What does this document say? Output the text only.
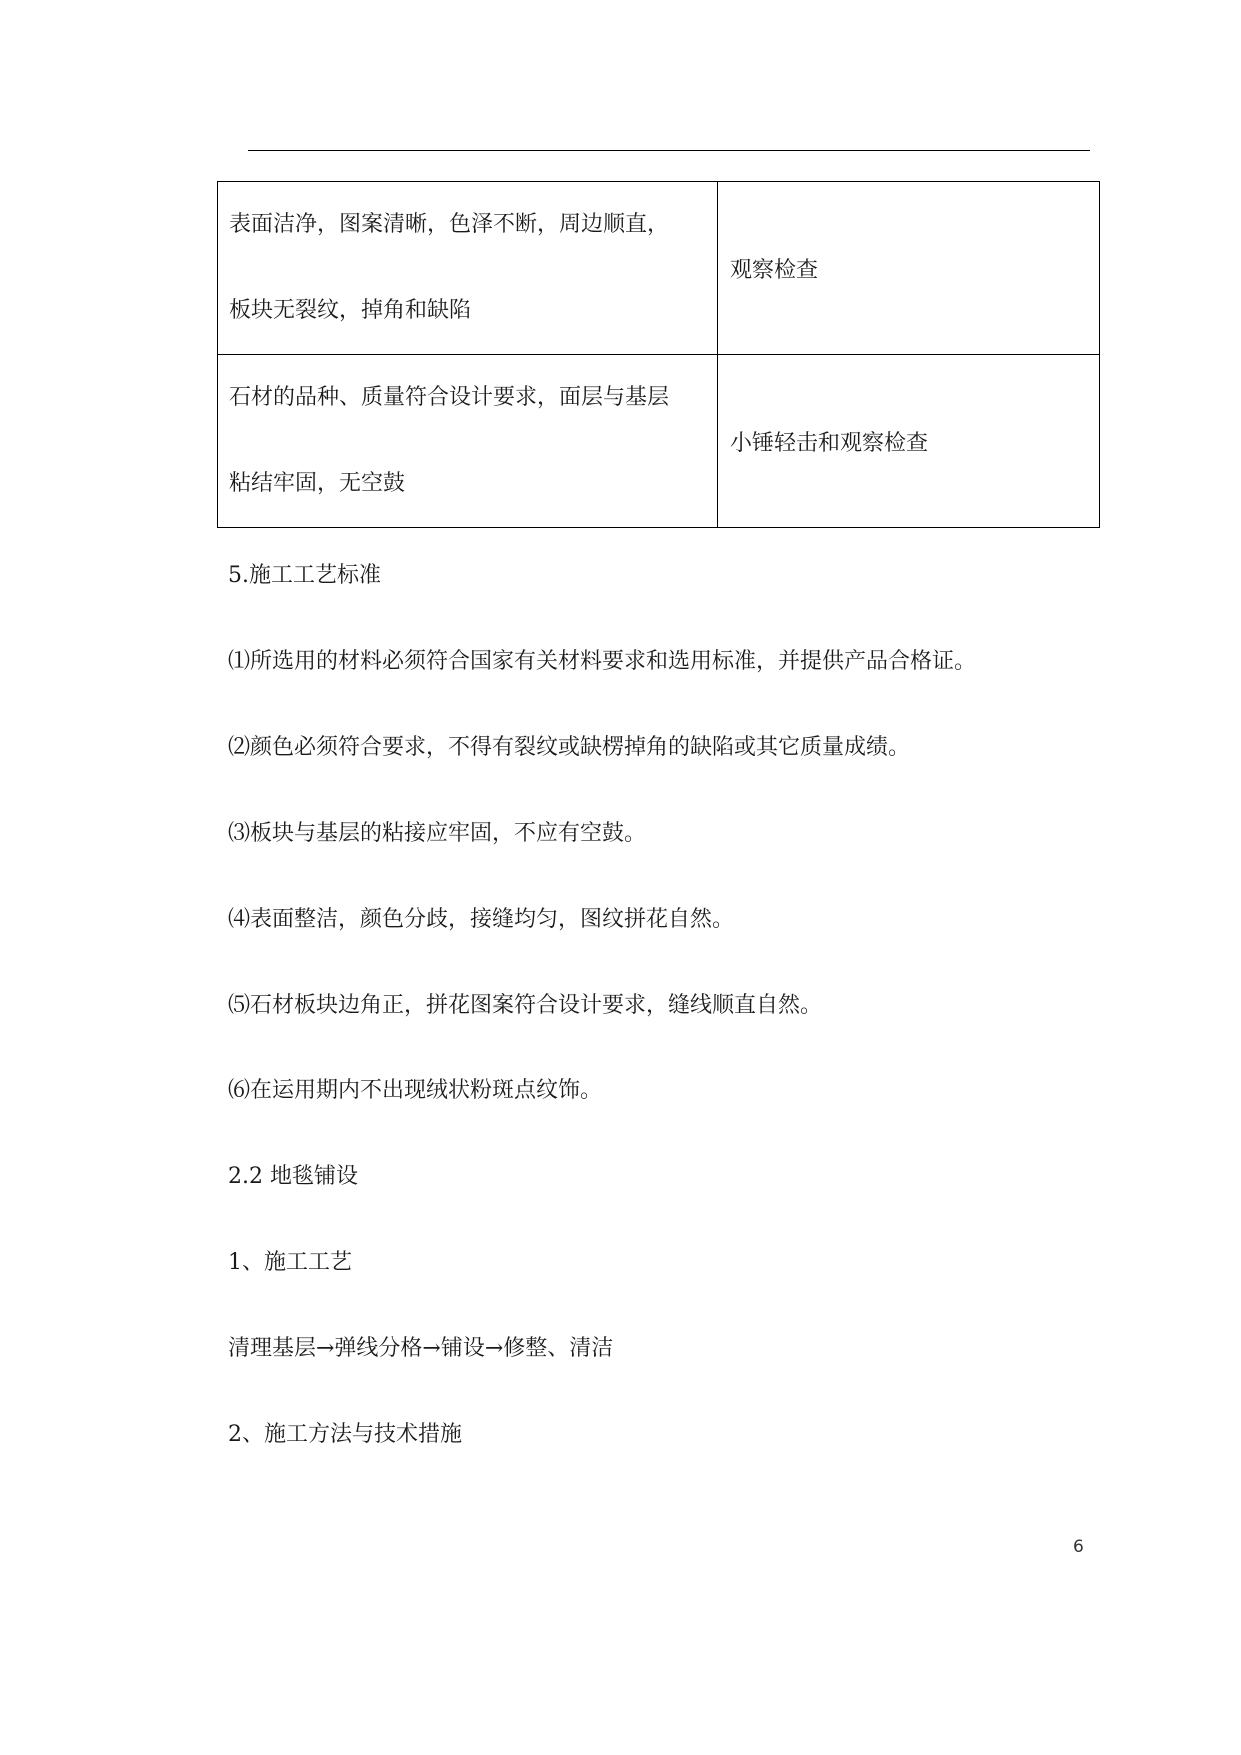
表面洁净，图案清晰，色泽不断，周边顺直，
板块无裂纹，掉角和缺陷	观察检查

石材的品种、质量符合设计要求，面层与基层
粘结牢固，无空鼓	小锤轻击和观察检查
5.施工工艺标准
⑴所选用的材料必须符合国家有关材料要求和选用标准，并提供产品合格证。
⑵颜色必须符合要求，不得有裂纹或缺楞掉角的缺陷或其它质量成绩。
⑶板块与基层的粘接应牢固，不应有空鼓。
⑷表面整洁，颜色分歧，接缝均匀，图纹拼花自然。
⑸石材板块边角正，拼花图案符合设计要求，缝线顺直自然。
⑹在运用期内不出现绒状粉斑点纹饰。
2.2 地毯铺设
1、施工工艺
清理基层→弹线分格→铺设→修整、清洁
2、施工方法与技术措施
6
